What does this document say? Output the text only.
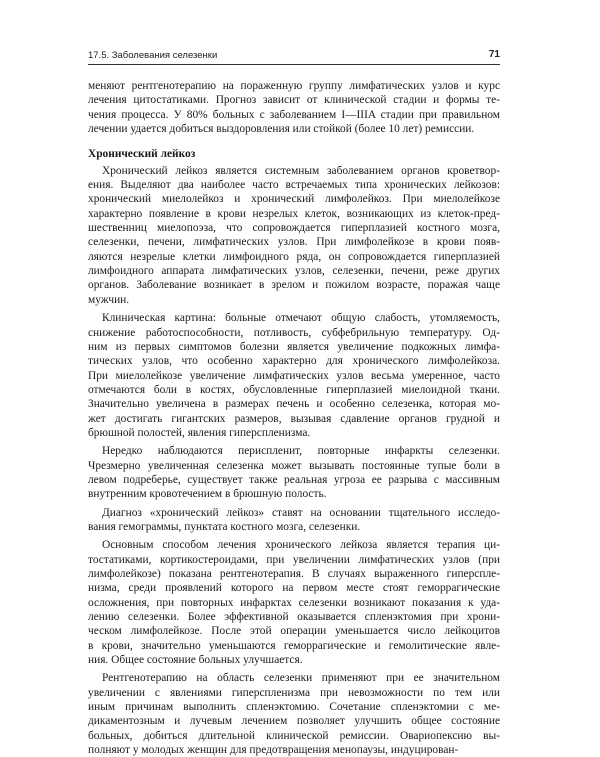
17.5. Заболевания селезенки	71
меняют рентгенотерапию на пораженную группу лимфатических узлов и курс
лечения цитостатиками. Прогноз зависит от клинической стадии и формы те-
чения процесса. У 80% больных с заболеванием I—IIIA стадии при правильном
лечении удается добиться выздоровления или стойкой (более 10 лет) ремиссии.
Хронический лейкоз
Хронический лейкоз является системным заболеванием органов кроветвор-
ения. Выделяют два наиболее часто встречаемых типа хронических лейкозов:
хронический миелолейкоз и хронический лимфолейкоз. При миелолейкозе
характерно появление в крови незрелых клеток, возникающих из клеток-пред-
шественниц миелопоэза, что сопровождается гиперплазией костного мозга,
селезенки, печени, лимфатических узлов. При лимфолейкозе в крови появ-
ляются незрелые клетки лимфоидного ряда, он сопровождается гиперплазией
лимфоидного аппарата лимфатических узлов, селезенки, печени, реже других
органов. Заболевание возникает в зрелом и пожилом возрасте, поражая чаще
мужчин.
Клиническая картина: больные отмечают общую слабость, утомляемость,
снижение работоспособности, потливость, субфебрильную температуру. Од-
ним из первых симптомов болезни является увеличение подкожных лимфа-
тических узлов, что особенно характерно для хронического лимфолейкоза.
При миелолейкозе увеличение лимфатических узлов весьма умеренное, часто
отмечаются боли в костях, обусловленные гиперплазией миелоидной ткани.
Значительно увеличена в размерах печень и особенно селезенка, которая мо-
жет достигать гигантских размеров, вызывая сдавление органов грудной и
брюшной полостей, явления гиперспленизма.
Нередко наблюдаются периспленит, повторные инфаркты селезенки.
Чрезмерно увеличенная селезенка может вызывать постоянные тупые боли в
левом подреберье, существует также реальная угроза ее разрыва с массивным
внутренним кровотечением в брюшную полость.
Диагноз «хронический лейкоз» ставят на основании тщательного исследо-
вания гемограммы, пунктата костного мозга, селезенки.
Основным способом лечения хронического лейкоза является терапия ци-
тостатиками, кортикостероидами, при увеличении лимфатических узлов (при
лимфолейкозе) показана рентгенотерапия. В случаях выраженного гиперспле-
низма, среди проявлений которого на первом месте стоят геморрагические
осложнения, при повторных инфарктах селезенки возникают показания к уда-
лению селезенки. Более эффективной оказывается спленэктомия при хрони-
ческом лимфолейкозе. После этой операции уменьшается число лейкоцитов
в крови, значительно уменьшаются геморрагические и гемолитические явле-
ния. Общее состояние больных улучшается.
Рентгенотерапию на область селезенки применяют при ее значительном
увеличении с явлениями гиперспленизма при невозможности по тем или
иным причинам выполнить спленэктомию. Сочетание спленэктомии с ме-
дикаментозным и лучевым лечением позволяет улучшить общее состояние
больных, добиться длительной клинической ремиссии. Овариопексию вы-
полняют у молодых женщин для предотвращения менопаузы, индуцирован-
